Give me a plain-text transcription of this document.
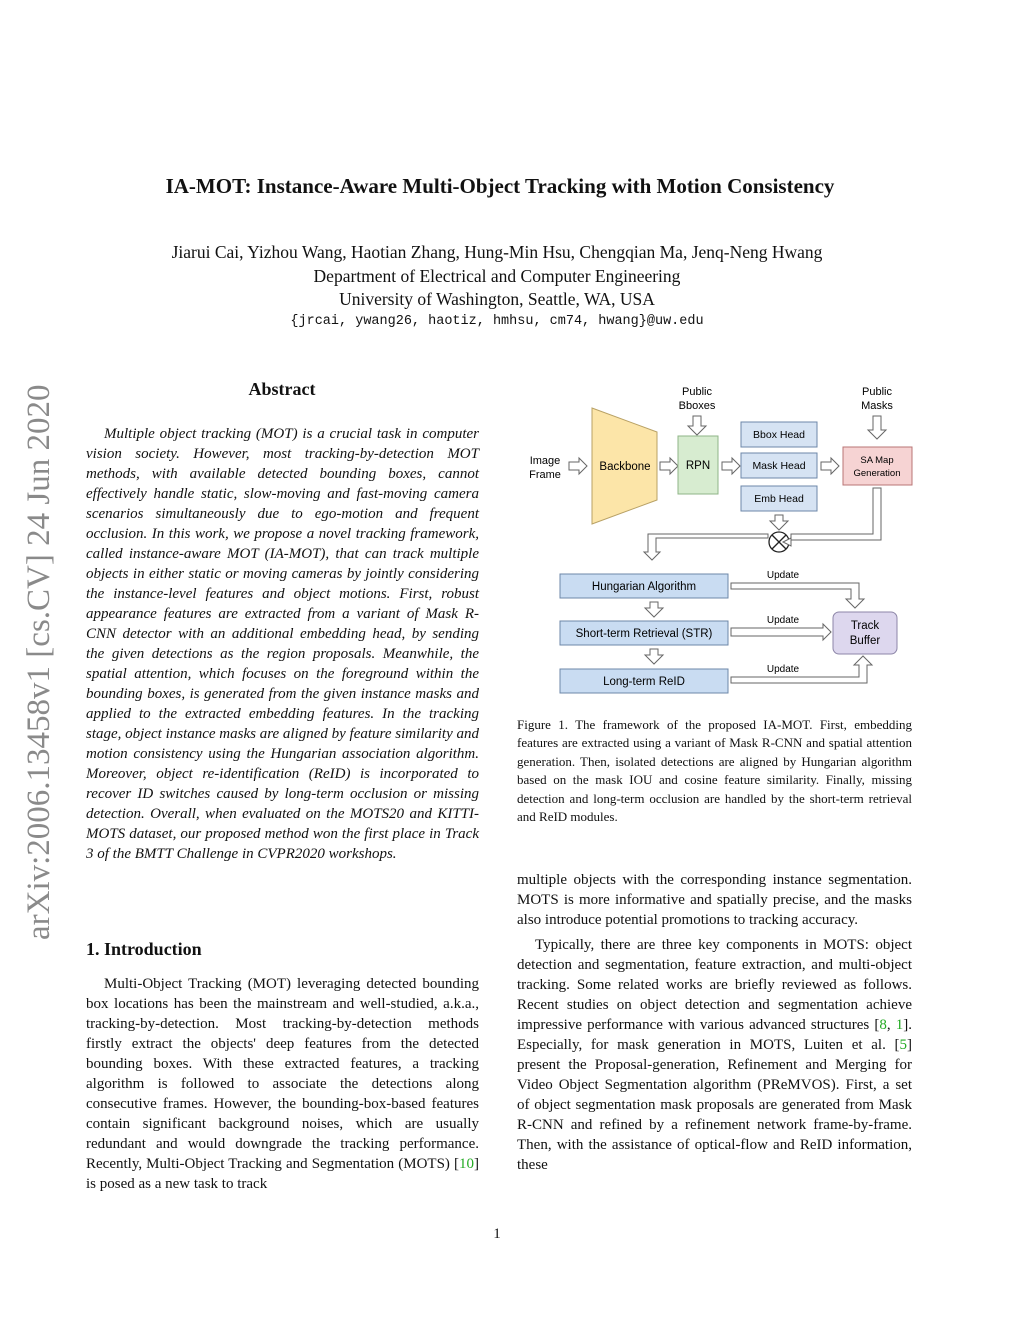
arXiv:2006.13458v1 [cs.CV] 24 Jun 2020
IA-MOT: Instance-Aware Multi-Object Tracking with Motion Consistency
Jiarui Cai, Yizhou Wang, Haotian Zhang, Hung-Min Hsu, Chengqian Ma, Jenq-Neng Hwang
Department of Electrical and Computer Engineering
University of Washington, Seattle, WA, USA
{jrcai, ywang26, haotiz, hmhsu, cm74, hwang}@uw.edu
Abstract

Multiple object tracking (MOT) is a crucial task in computer vision society. However, most tracking-by-detection MOT methods, with available detected bounding boxes, cannot effectively handle static, slow-moving and fast-moving camera scenarios simultaneously due to ego-motion and frequent occlusion. In this work, we propose a novel tracking framework, called instance-aware MOT (IA-MOT), that can track multiple objects in either static or moving cameras by jointly considering the instance-level features and object motions. First, robust appearance features are extracted from a variant of Mask R-CNN detector with an additional embedding head, by sending the given detections as the region proposals. Meanwhile, the spatial attention, which focuses on the foreground within the bounding boxes, is generated from the given instance masks and applied to the extracted embedding features. In the tracking stage, object instance masks are aligned by feature similarity and motion consistency using the Hungarian association algorithm. Moreover, object re-identification (ReID) is incorporated to recover ID switches caused by long-term occlusion or missing detection. Overall, when evaluated on the MOTS20 and KITTI-MOTS dataset, our proposed method won the first place in Track 3 of the BMTT Challenge in CVPR2020 workshops.

1. Introduction

Multi-Object Tracking (MOT) leveraging detected bounding box locations has been the mainstream and well-studied, a.k.a., tracking-by-detection. Most tracking-by-detection methods firstly extract the objects' deep features from the detected bounding boxes. With these extracted features, a tracking algorithm is followed to associate the detections along consecutive frames. However, the bounding-box-based features contain significant background noises, which are usually redundant and would downgrade the tracking performance. Recently, Multi-Object Tracking and Segmentation (MOTS) [10] is posed as a new task to track

Public
Bboxes
Public
Masks
Image
Frame
Backbone	RPN
Bbox Head
Mask Head
Emb Head
SA Map
Generation
Hungarian Algorithm
Short-term Retrieval (STR)
Long-term ReID
Track
Buffer
Update
Update
Update

Figure 1. The framework of the proposed IA-MOT. First, embedding features are extracted using a variant of Mask R-CNN and spatial attention generation. Then, isolated detections are aligned by Hungarian algorithm based on the mask IOU and cosine feature similarity. Finally, missing detection and long-term occlusion are handled by the short-term retrieval and ReID modules.

multiple objects with the corresponding instance segmentation. MOTS is more informative and spatially precise, and the masks also introduce potential promotions to tracking accuracy.

Typically, there are three key components in MOTS: object detection and segmentation, feature extraction, and multi-object tracking. Some related works are briefly reviewed as follows. Recent studies on object detection and segmentation achieve impressive performance with various advanced structures [8, 1]. Especially, for mask generation in MOTS, Luiten et al. [5] present the Proposal-generation, Refinement and Merging for Video Object Segmentation algorithm (PReMVOS). First, a set of object segmentation mask proposals are generated from Mask R-CNN and refined by a refinement network frame-by-frame. Then, with the assistance of optical-flow and ReID information, these

1
